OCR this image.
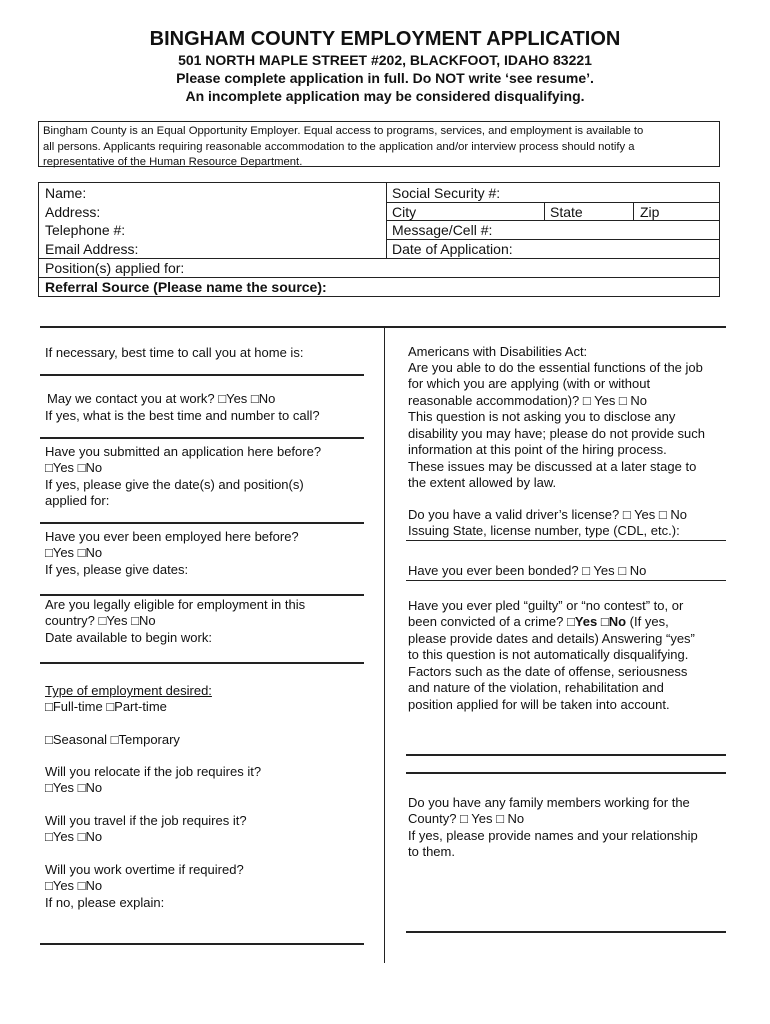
BINGHAM COUNTY EMPLOYMENT APPLICATION
501 NORTH MAPLE STREET #202, BLACKFOOT, IDAHO 83221
Please complete application in full. Do NOT write ‘see resume’.
An incomplete application may be considered disqualifying.
Bingham County is an Equal Opportunity Employer. Equal access to programs, services, and employment is available to
all persons. Applicants requiring reasonable accommodation to the application and/or interview process should notify a
representative of the Human Resource Department.
Name:
Address:
Telephone #:
Email Address:
Position(s) applied for:
Referral Source (Please name the source):
Social Security #:
City	State	Zip
Message/Cell #:
Date of Application:
If necessary, best time to call you at home is:
May we contact you at work? □Yes □No
If yes, what is the best time and number to call?
Have you submitted an application here before?
□Yes □No
If yes, please give the date(s) and position(s)
applied for:
Have you ever been employed here before?
□Yes □No
If yes, please give dates:
Are you legally eligible for employment in this
country? □Yes □No
Date available to begin work:
Type of employment desired:
□Full-time □Part-time
□Seasonal □Temporary
Will you relocate if the job requires it?
□Yes □No
Will you travel if the job requires it?
□Yes □No
Will you work overtime if required?
□Yes □No
If no, please explain:
Americans with Disabilities Act:
Are you able to do the essential functions of the job
for which you are applying (with or without
reasonable accommodation)? □ Yes □ No
This question is not asking you to disclose any
disability you may have; please do not provide such
information at this point of the hiring process.
These issues may be discussed at a later stage to
the extent allowed by law.
Do you have a valid driver’s license? □ Yes □ No
Issuing State, license number, type (CDL, etc.):
Have you ever been bonded? □ Yes □ No
Have you ever pled “guilty” or “no contest” to, or
been convicted of a crime? □Yes □No (If yes,
please provide dates and details) Answering “yes”
to this question is not automatically disqualifying.
Factors such as the date of offense, seriousness
and nature of the violation, rehabilitation and
position applied for will be taken into account.
Do you have any family members working for the
County? □ Yes □ No
If yes, please provide names and your relationship
to them.
